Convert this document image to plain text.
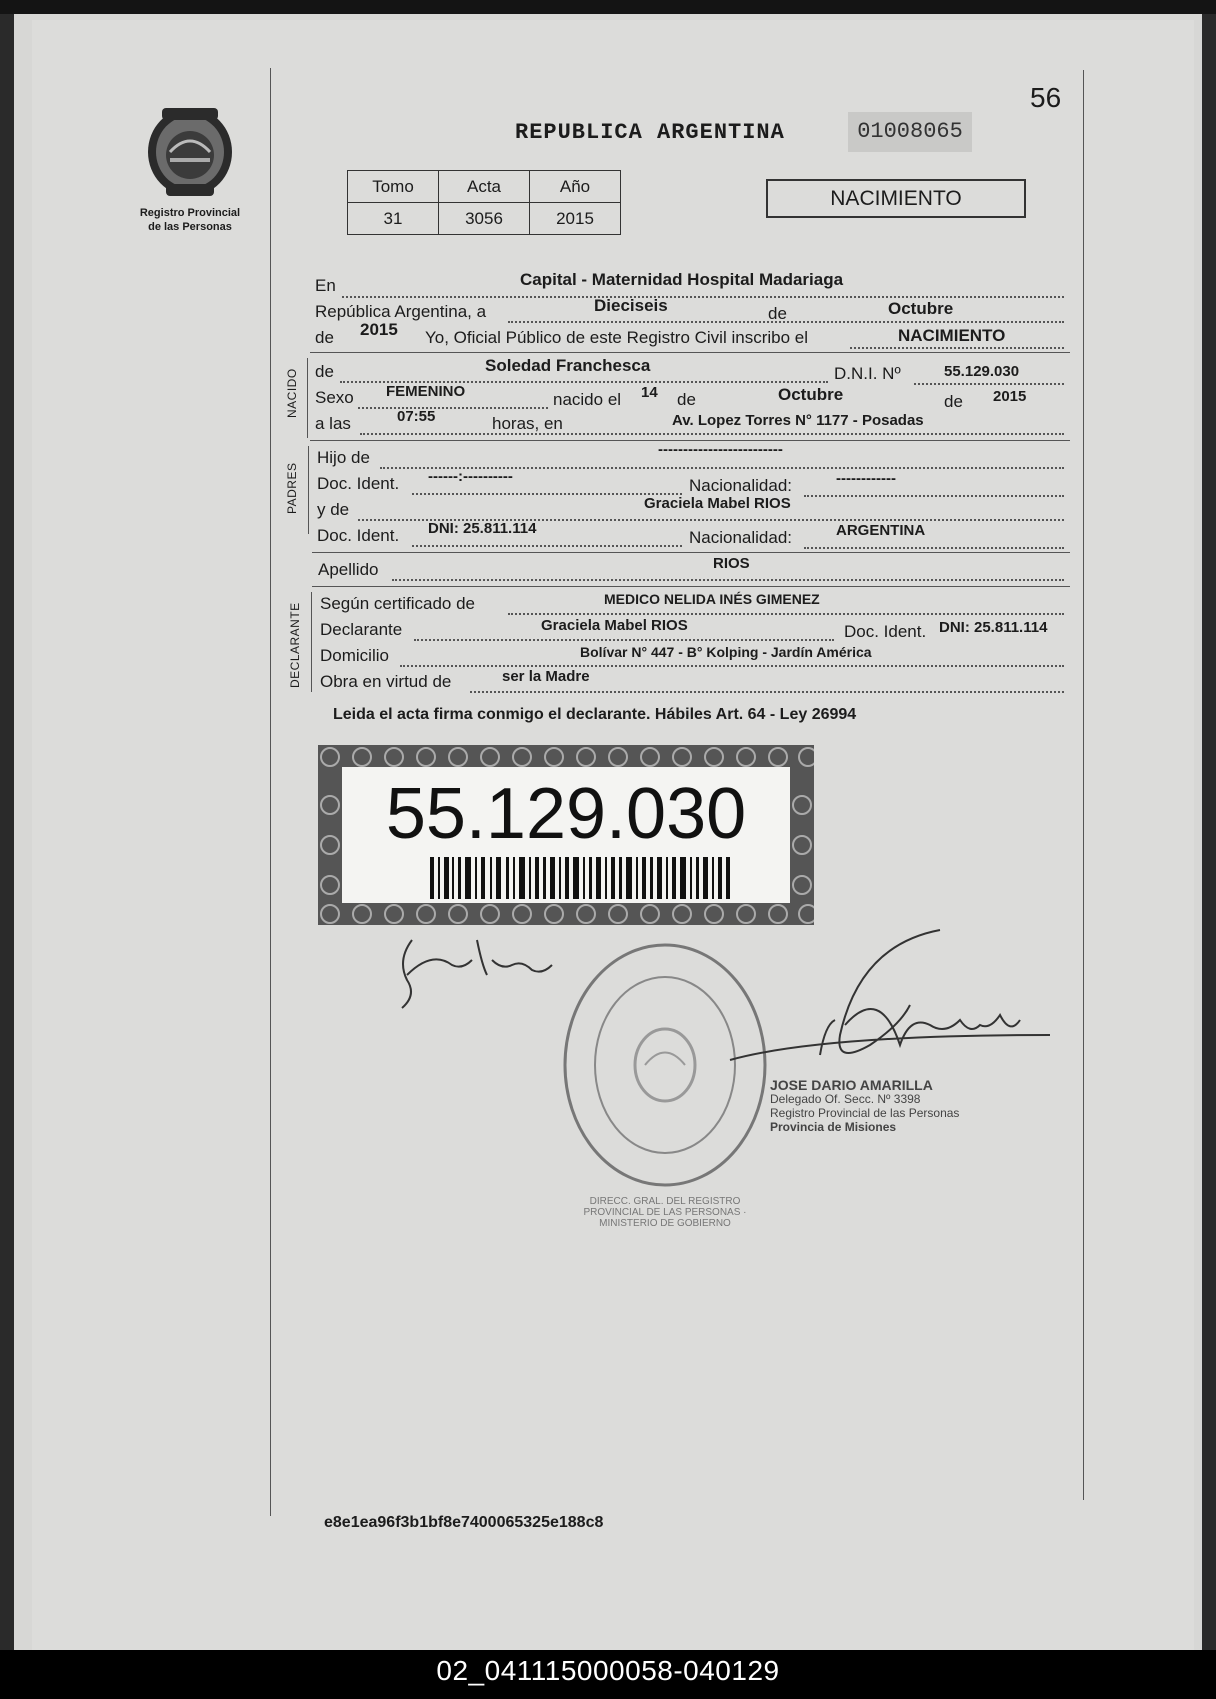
56
Registro Provincial
de las Personas
REPUBLICA ARGENTINA	01008065
Tomo	Acta	Año
31	3056	2015
NACIMIENTO
En	Capital - Maternidad Hospital Madariaga
República Argentina, a	Dieciseis	de	Octubre
de 2015 Yo, Oficial Público de este Registro Civil inscribo el	NACIMIENTO
NACIDO de	Soledad Franchesca	D.N.I. Nº	55.129.030
Sexo FEMENINO	nacido el 14 de	Octubre	de 2015
a las	07:55	horas, en	Av. Lopez Torres N° 1177 - Posadas
PADRES
Hijo de	-------------------------
Doc. Ident. ------:----------	Nacionalidad:	------------
y de	Graciela Mabel RIOS
Doc. Ident. DNI: 25.811.114	Nacionalidad:	ARGENTINA
Apellido	RIOS
DECLARANTE Según certificado de	MEDICO NELIDA INÉS GIMENEZ
Declarante	Graciela Mabel RIOS	Doc. Ident. DNI: 25.811.114
Domicilio	Bolívar N° 447 - B° Kolping - Jardín América
Obra en virtud de	ser la Madre
Leida el acta firma conmigo el declarante. Hábiles Art. 64 - Ley 26994
55.129.030
DIRECC. GRAL. DEL REGISTRO PROVINCIAL DE LAS PERSONAS · MINISTERIO DE GOBIERNO
JOSE DARIO AMARILLA
Delegado Of. Secc. Nº 3398
Registro Provincial de las Personas
Provincia de Misiones
e8e1ea96f3b1bf8e7400065325e188c8
02_041115000058-040129
